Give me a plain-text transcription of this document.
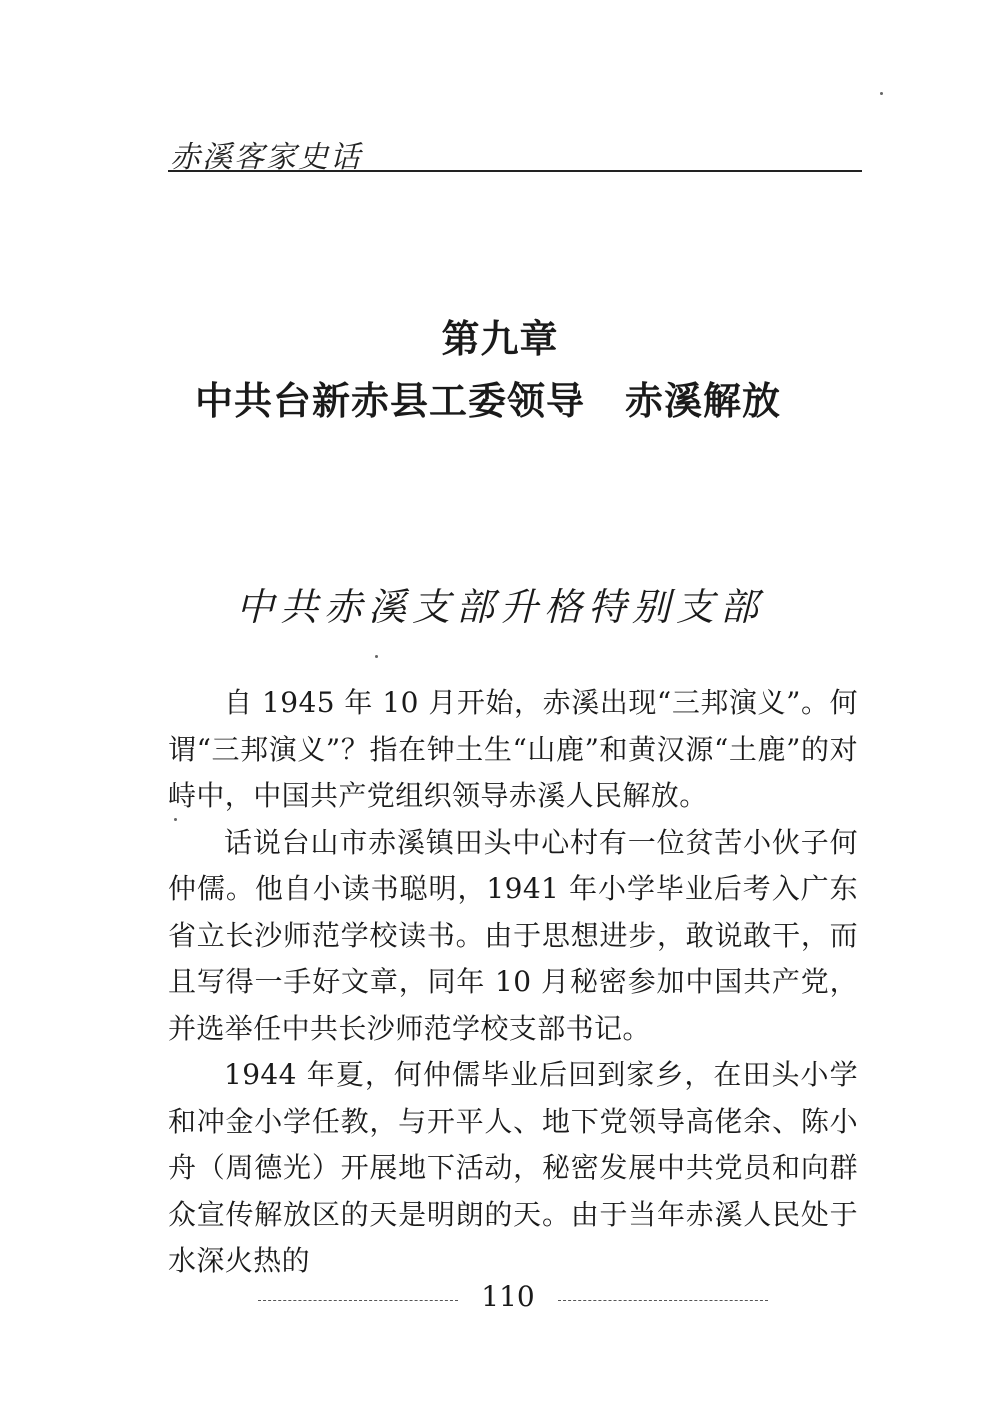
赤溪客家史话
第九章
中共台新赤县工委领导 赤溪解放
中共赤溪支部升格特别支部

自 1945 年 10 月开始，赤溪出现“三邦演义”。何谓“三邦演义”？指在钟土生“山鹿”和黄汉源“土鹿”的对峙中，中国共产党组织领导赤溪人民解放。

话说台山市赤溪镇田头中心村有一位贫苦小伙子何仲儒。他自小读书聪明，1941 年小学毕业后考入广东省立长沙师范学校读书。由于思想进步，敢说敢干，而且写得一手好文章，同年 10 月秘密参加中国共产党，并选举任中共长沙师范学校支部书记。

1944 年夏，何仲儒毕业后回到家乡，在田头小学和冲金小学任教，与开平人、地下党领导高佬余、陈小舟（周德光）开展地下活动，秘密发展中共党员和向群众宣传解放区的天是明朗的天。由于当年赤溪人民处于水深火热的

110
